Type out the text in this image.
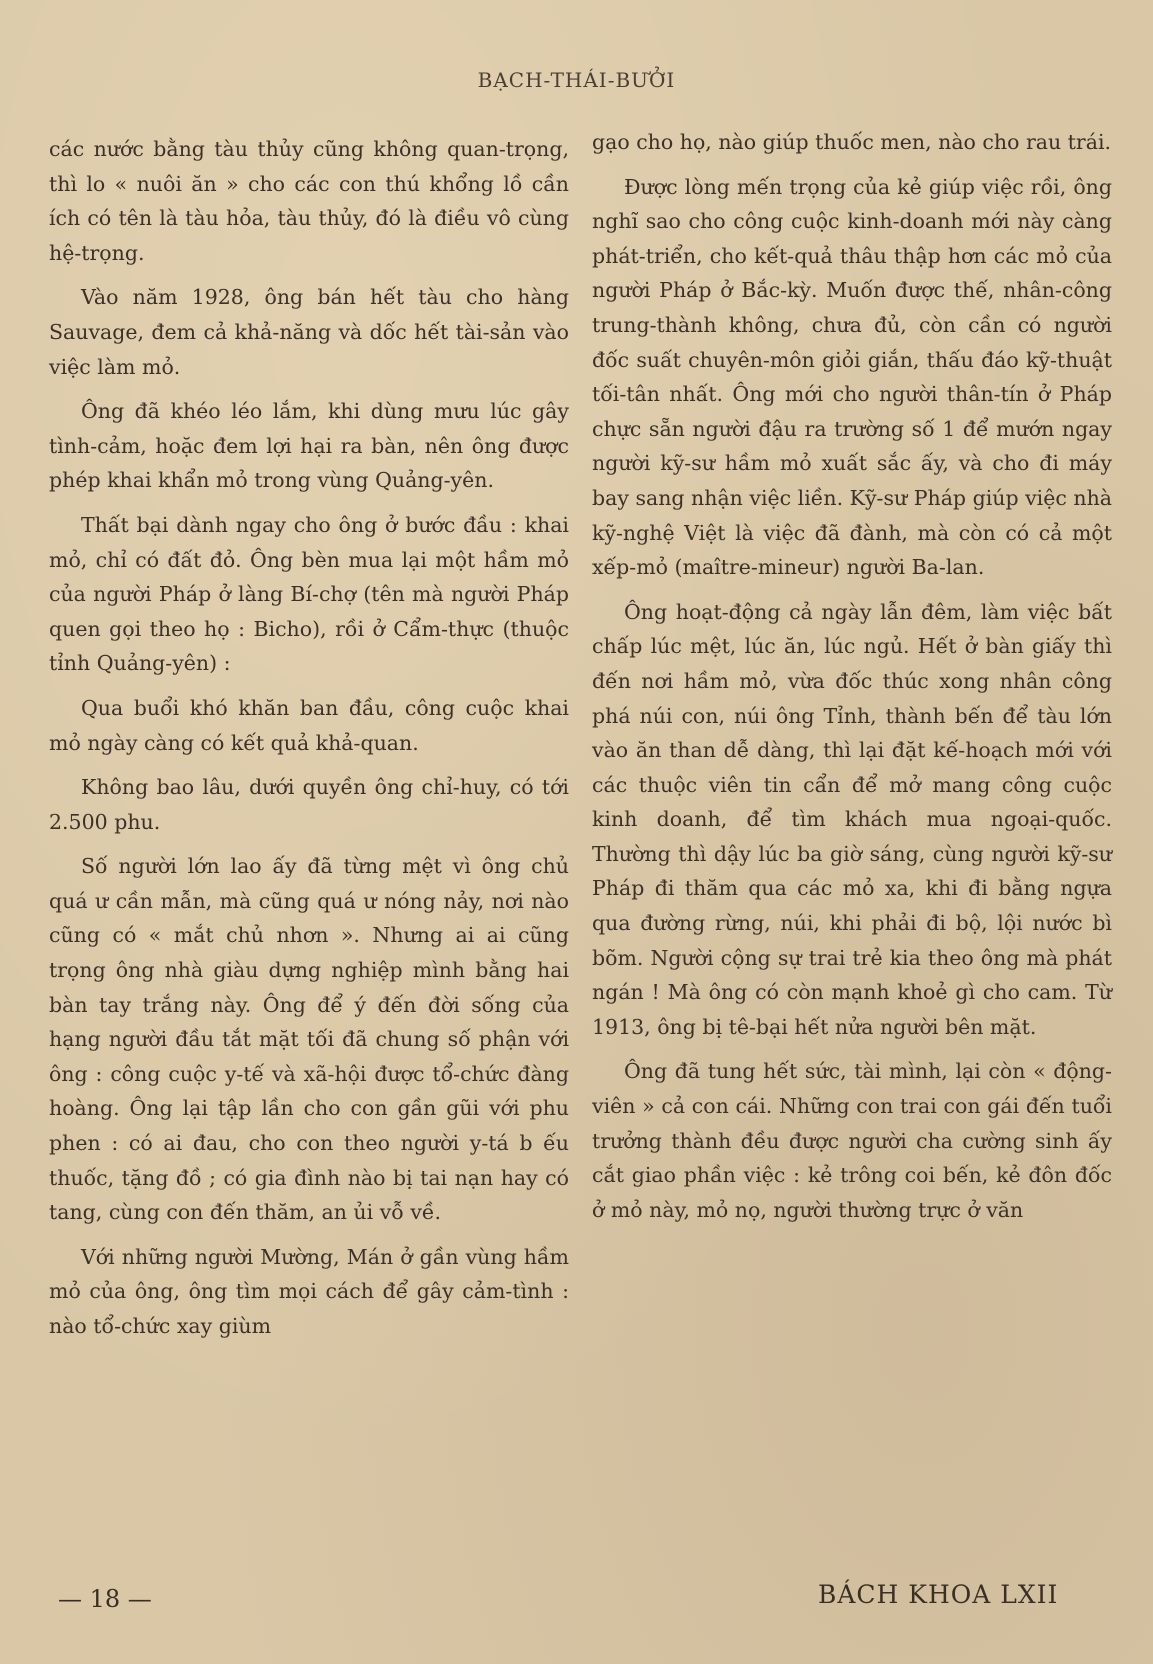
BẠCH-THÁI-BƯỞI

các nước bằng tàu thủy cũng không quan-trọng, thì lo « nuôi ăn » cho các con thú khổng lồ cần ích có tên là tàu hỏa, tàu thủy, đó là điều vô cùng hệ-trọng.

Vào năm 1928, ông bán hết tàu cho hàng Sauvage, đem cả khả-năng và dốc hết tài-sản vào việc làm mỏ.

Ông đã khéo léo lắm, khi dùng mưu lúc gây tình-cảm, hoặc đem lợi hại ra bàn, nên ông được phép khai khẩn mỏ trong vùng Quảng-yên.

Thất bại dành ngay cho ông ở bước đầu : khai mỏ, chỉ có đất đỏ. Ông bèn mua lại một hầm mỏ của người Pháp ở làng Bí-chợ (tên mà người Pháp quen gọi theo họ : Bicho), rồi ở Cẩm-thực (thuộc tỉnh Quảng-yên) :

Qua buổi khó khăn ban đầu, công cuộc khai mỏ ngày càng có kết quả khả-quan.

Không bao lâu, dưới quyền ông chỉ-huy, có tới 2.500 phu.

Số người lớn lao ấy đã từng mệt vì ông chủ quá ư cần mẫn, mà cũng quá ư nóng nảy, nơi nào cũng có « mắt chủ nhơn ». Nhưng ai ai cũng trọng ông nhà giàu dựng nghiệp mình bằng hai bàn tay trắng này. Ông để ý đến đời sống của hạng người đầu tắt mặt tối đã chung số phận với ông : công cuộc y-tế và xã-hội được tổ-chức đàng hoàng. Ông lại tập lần cho con gần gũi với phu phen : có ai đau, cho con theo người y-tá b ếu thuốc, tặng đồ ; có gia đình nào bị tai nạn hay có tang, cùng con đến thăm, an ủi vỗ về.

Với những người Mường, Mán ở gần vùng hầm mỏ của ông, ông tìm mọi cách để gây cảm-tình : nào tổ-chức xay giùm

gạo cho họ, nào giúp thuốc men, nào cho rau trái.

Được lòng mến trọng của kẻ giúp việc rồi, ông nghĩ sao cho công cuộc kinh-doanh mới này càng phát-triển, cho kết-quả thâu thập hơn các mỏ của người Pháp ở Bắc-kỳ. Muốn được thế, nhân-công trung-thành không, chưa đủ, còn cần có người đốc suất chuyên-môn giỏi giắn, thấu đáo kỹ-thuật tối-tân nhất. Ông mới cho người thân-tín ở Pháp chực sẵn người đậu ra trường số 1 để mướn ngay người kỹ-sư hầm mỏ xuất sắc ấy, và cho đi máy bay sang nhận việc liền. Kỹ-sư Pháp giúp việc nhà kỹ-nghệ Việt là việc đã đành, mà còn có cả một xếp-mỏ (maître-mineur) người Ba-lan.

Ông hoạt-động cả ngày lẫn đêm, làm việc bất chấp lúc mệt, lúc ăn, lúc ngủ. Hết ở bàn giấy thì đến nơi hầm mỏ, vừa đốc thúc xong nhân công phá núi con, núi ông Tỉnh, thành bến để tàu lớn vào ăn than dễ dàng, thì lại đặt kế-hoạch mới với các thuộc viên tin cẩn để mở mang công cuộc kinh doanh, để tìm khách mua ngoại-quốc. Thường thì dậy lúc ba giờ sáng, cùng người kỹ-sư Pháp đi thăm qua các mỏ xa, khi đi bằng ngựa qua đường rừng, núi, khi phải đi bộ, lội nước bì bõm. Người cộng sự trai trẻ kia theo ông mà phát ngán ! Mà ông có còn mạnh khoẻ gì cho cam. Từ 1913, ông bị tê-bại hết nửa người bên mặt.

Ông đã tung hết sức, tài mình, lại còn « động-viên » cả con cái. Những con trai con gái đến tuổi trưởng thành đều được người cha cường sinh ấy cắt giao phần việc : kẻ trông coi bến, kẻ đôn đốc ở mỏ này, mỏ nọ, người thường trực ở văn

— 18 —	BÁCH KHOA LXII
